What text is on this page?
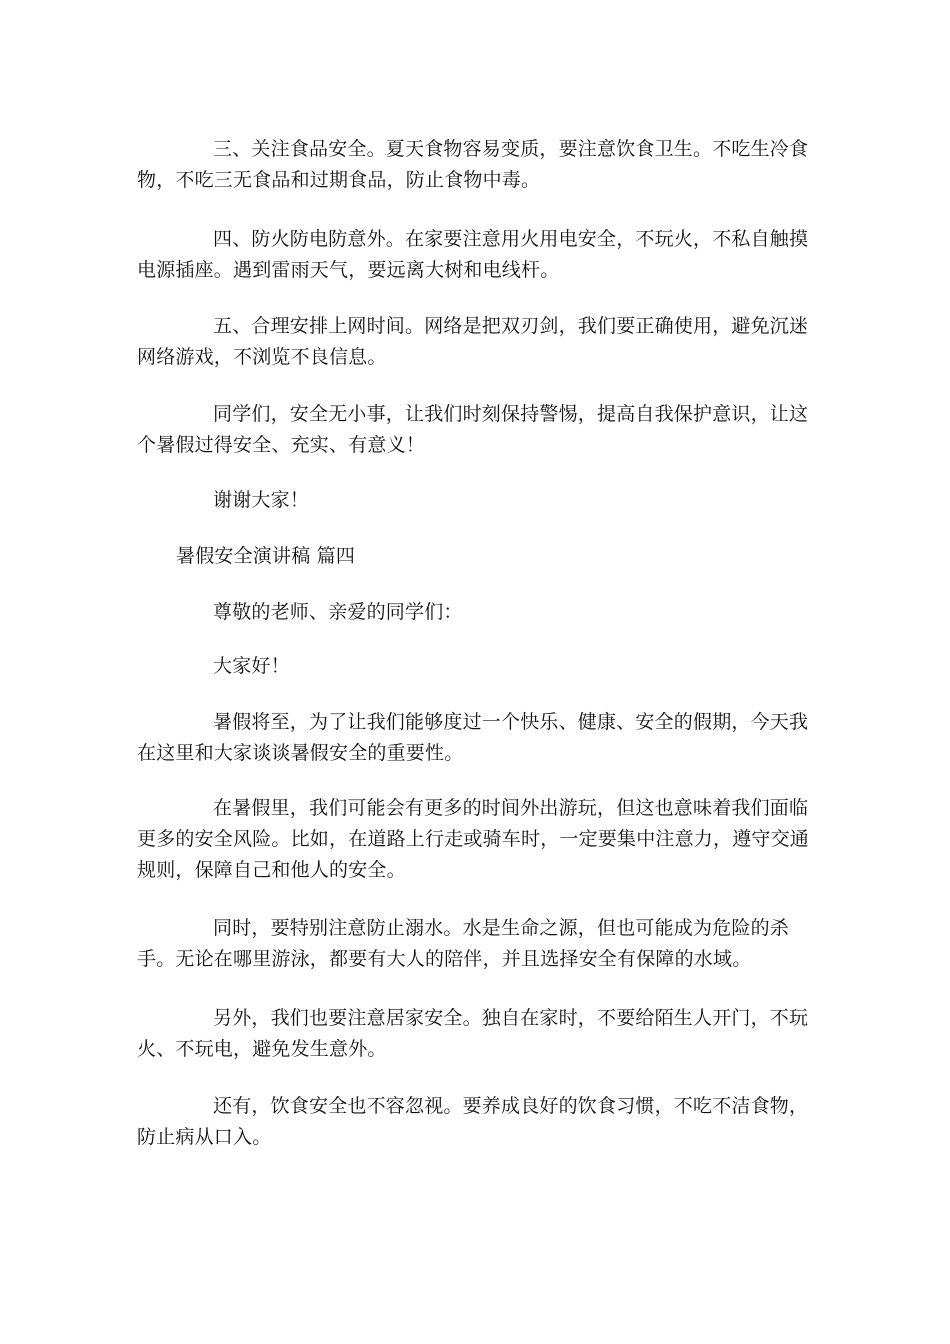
三、关注食品安全。夏天食物容易变质，要注意饮食卫生。不吃生冷食物，不吃三无食品和过期食品，防止食物中毒。

四、防火防电防意外。在家要注意用火用电安全，不玩火，不私自触摸电源插座。遇到雷雨天气，要远离大树和电线杆。

五、合理安排上网时间。网络是把双刃剑，我们要正确使用，避免沉迷网络游戏，不浏览不良信息。

同学们，安全无小事，让我们时刻保持警惕，提高自我保护意识，让这个暑假过得安全、充实、有意义！

谢谢大家！

暑假安全演讲稿 篇四

尊敬的老师、亲爱的同学们：

大家好！

暑假将至，为了让我们能够度过一个快乐、健康、安全的假期，今天我在这里和大家谈谈暑假安全的重要性。

在暑假里，我们可能会有更多的时间外出游玩，但这也意味着我们面临更多的安全风险。比如，在道路上行走或骑车时，一定要集中注意力，遵守交通规则，保障自己和他人的安全。

同时，要特别注意防止溺水。水是生命之源，但也可能成为危险的杀手。无论在哪里游泳，都要有大人的陪伴，并且选择安全有保障的水域。

另外，我们也要注意居家安全。独自在家时，不要给陌生人开门，不玩火、不玩电，避免发生意外。

还有，饮食安全也不容忽视。要养成良好的饮食习惯，不吃不洁食物，防止病从口入。
